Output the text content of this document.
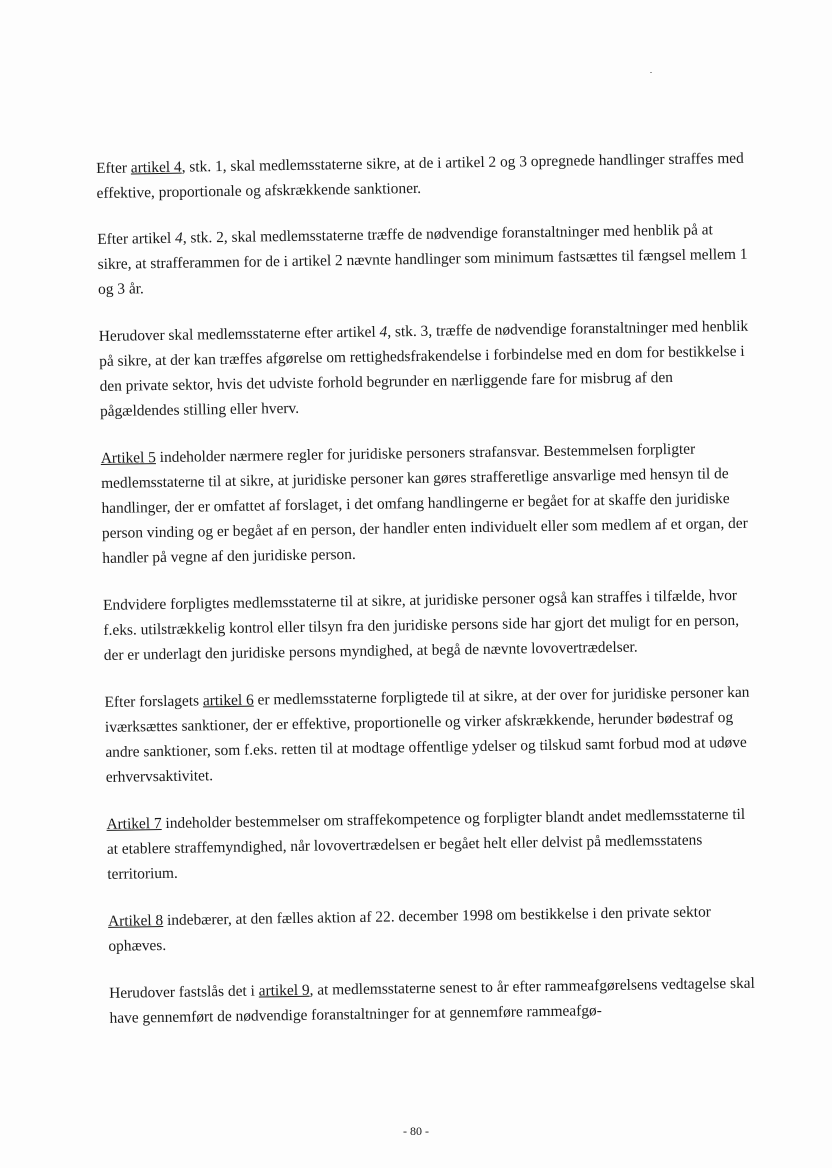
Efter artikel 4, stk. 1, skal medlemsstaterne sikre, at de i artikel 2 og 3 opregnede handlinger straffes med effektive, proportionale og afskrækkende sanktioner.

Efter artikel 4, stk. 2, skal medlemsstaterne træffe de nødvendige foranstaltninger med henblik på at sikre, at strafferammen for de i artikel 2 nævnte handlinger som minimum fastsættes til fængsel mellem 1 og 3 år.

Herudover skal medlemsstaterne efter artikel 4, stk. 3, træffe de nødvendige foranstaltninger med henblik på sikre, at der kan træffes afgørelse om rettighedsfrakendelse i forbindelse med en dom for bestikkelse i den private sektor, hvis det udviste forhold begrunder en nærliggende fare for misbrug af den pågældendes stilling eller hverv.

Artikel 5 indeholder nærmere regler for juridiske personers strafansvar. Bestemmelsen forpligter medlemsstaterne til at sikre, at juridiske personer kan gøres strafferetlige ansvarlige med hensyn til de handlinger, der er omfattet af forslaget, i det omfang handlingerne er begået for at skaffe den juridiske person vinding og er begået af en person, der handler enten individuelt eller som medlem af et organ, der handler på vegne af den juridiske person.

Endvidere forpligtes medlemsstaterne til at sikre, at juridiske personer også kan straffes i tilfælde, hvor f.eks. utilstrækkelig kontrol eller tilsyn fra den juridiske persons side har gjort det muligt for en person, der er underlagt den juridiske persons myndighed, at begå de nævnte lovovertrædelser.

Efter forslagets artikel 6 er medlemsstaterne forpligtede til at sikre, at der over for juridiske personer kan iværksættes sanktioner, der er effektive, proportionelle og virker afskrækkende, herunder bødestraf og andre sanktioner, som f.eks. retten til at modtage offentlige ydelser og tilskud samt forbud mod at udøve erhvervsaktivitet.

Artikel 7 indeholder bestemmelser om straffekompetence og forpligter blandt andet medlemsstaterne til at etablere straffemyndighed, når lovovertrædelsen er begået helt eller delvist på medlemsstatens territorium.

Artikel 8 indebærer, at den fælles aktion af 22. december 1998 om bestikkelse i den private sektor ophæves.

Herudover fastslås det i artikel 9, at medlemsstaterne senest to år efter rammeafgørelsens vedtagelse skal have gennemført de nødvendige foranstaltninger for at gennemføre rammeafgø-

- 80 -
